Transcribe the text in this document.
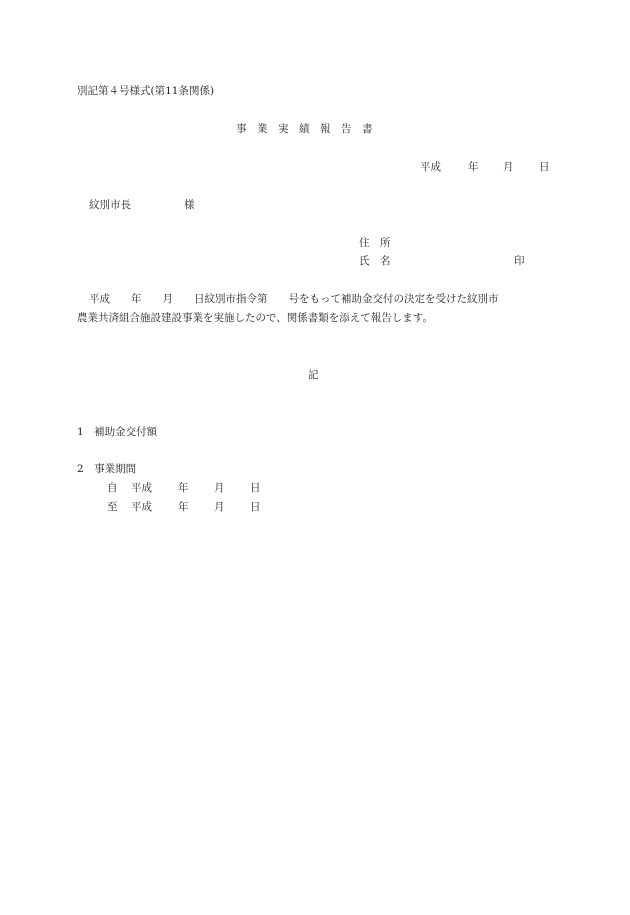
別記第４号様式(第11条関係)
事　業　実　績　報　告　書
平成	年 月 日
紋別市長	様
住　所
氏　名	印
平成　　年　　月　　日紋別市指令第　　号をもって補助金交付の決定を受けた紋別市
農業共済組合施設建設事業を実施したので、関係書類を添えて報告します。
記
1　補助金交付額
2　事業期間
自 平成 年 月 日
至 平成 年 月 日
